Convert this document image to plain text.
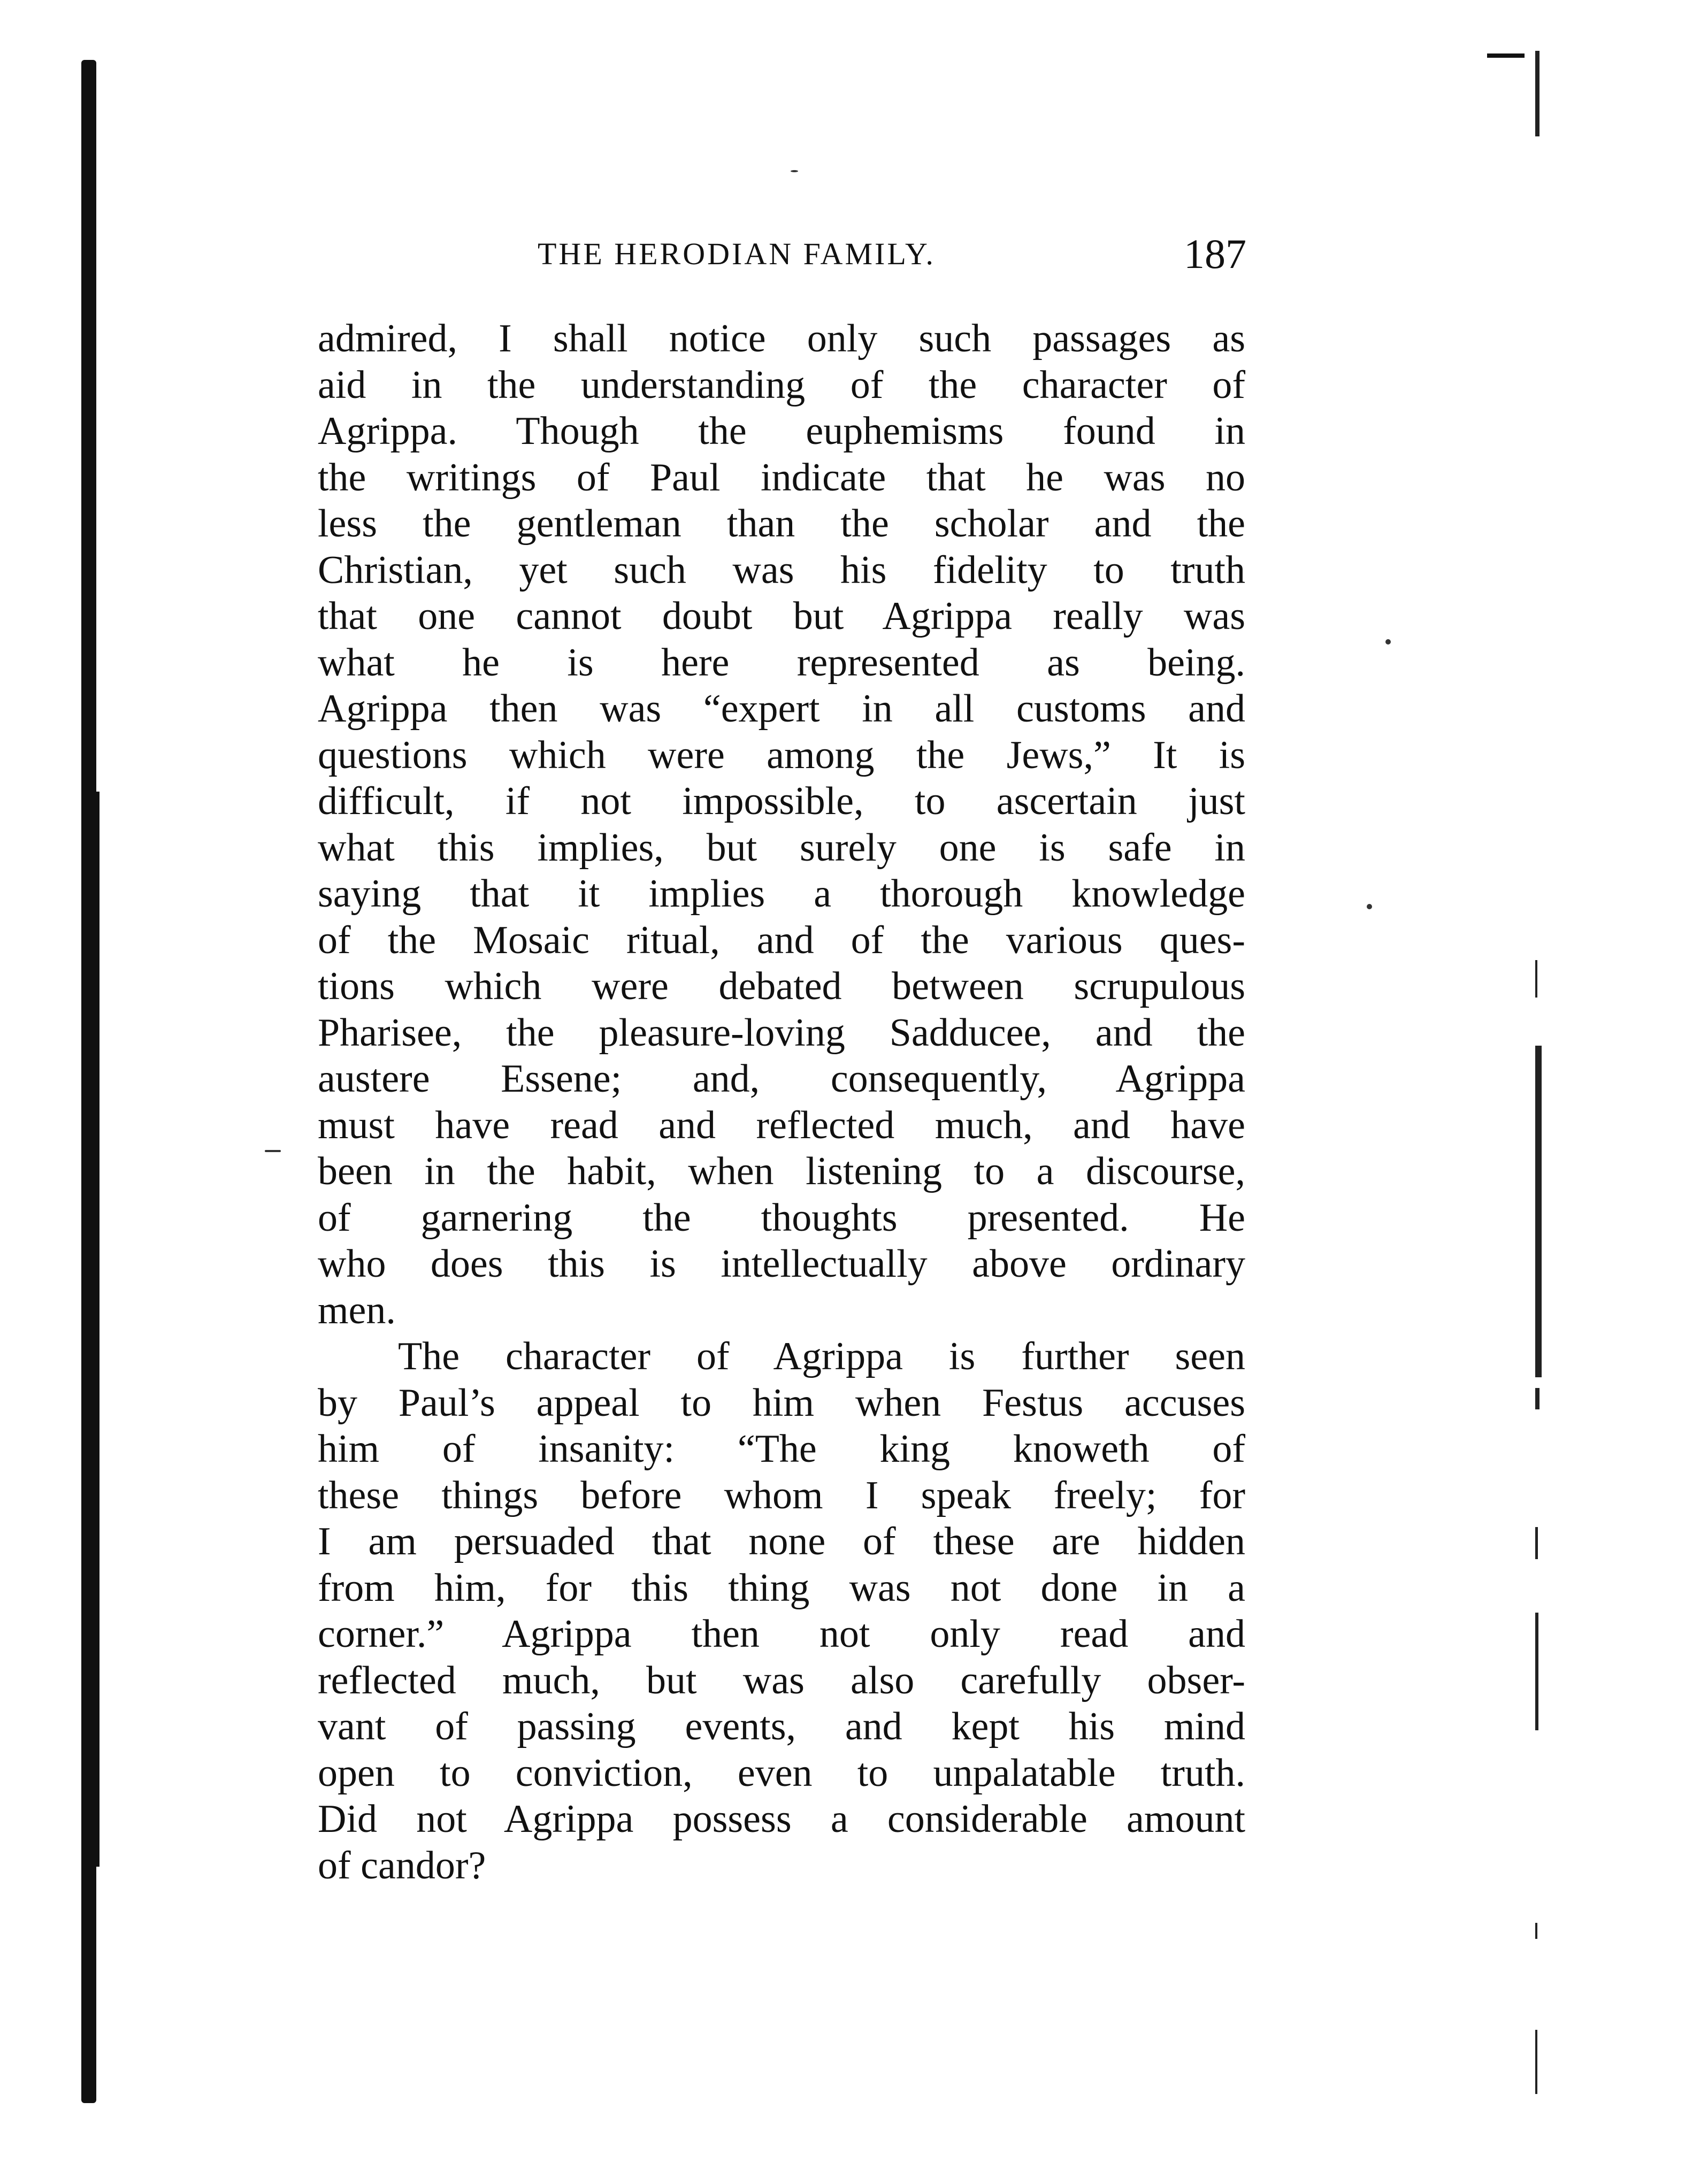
THE HERODIAN FAMILY.	187
admired, I shall notice only such passages as
aid in the understanding of the character of
Agrippa. Though the euphemisms found in
the writings of Paul indicate that he was no
less the gentleman than the scholar and the
Christian, yet such was his fidelity to truth
that one cannot doubt but Agrippa really was
what he is here represented as being.
Agrippa then was “expert in all customs and
questions which were among the Jews,” It is
difficult, if not impossible, to ascertain just
what this implies, but surely one is safe in
saying that it implies a thorough knowledge
of the Mosaic ritual, and of the various ques-
tions which were debated between scrupulous
Pharisee, the pleasure-loving Sadducee, and the
austere Essene; and, consequently, Agrippa
must have read and reflected much, and have
been in the habit, when listening to a discourse,
of garnering the thoughts presented. He
who does this is intellectually above ordinary
men.
The character of Agrippa is further seen
by Paul’s appeal to him when Festus accuses
him of insanity: “The king knoweth of
these things before whom I speak freely; for
I am persuaded that none of these are hidden
from him, for this thing was not done in a
corner.” Agrippa then not only read and
reflected much, but was also carefully obser-
vant of passing events, and kept his mind
open to conviction, even to unpalatable truth.
Did not Agrippa possess a considerable amount
of candor?
